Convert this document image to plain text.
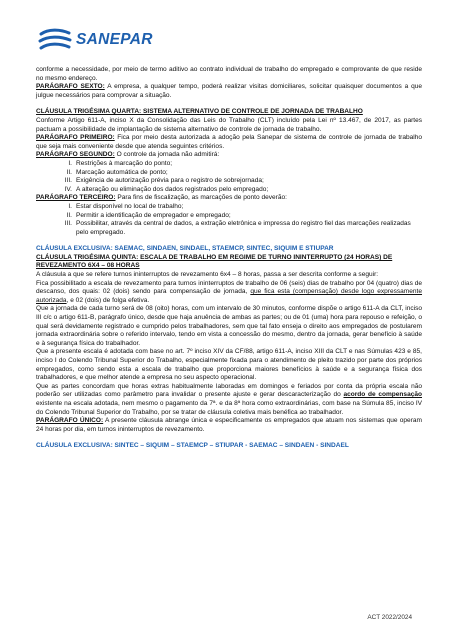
SANEPAR

conforme a necessidade, por meio de termo aditivo ao contrato individual de trabalho do empregado e comprovante de que reside no mesmo endereço.

PARÁGRAFO SEXTO: A empresa, a qualquer tempo, poderá realizar visitas domiciliares, solicitar quaisquer documentos a que julgue necessários para comprovar a situação.

CLÁUSULA TRIGÉSIMA QUARTA: SISTEMA ALTERNATIVO DE CONTROLE DE JORNADA DE TRABALHO

Conforme Artigo 611-A, inciso X da Consolidação das Leis do Trabalho (CLT) incluído pela Lei nº 13.467, de 2017, as partes pactuam a possibilidade de implantação de sistema alternativo de controle de jornada de trabalho.

PARÁGRAFO PRIMEIRO: Fica por meio desta autorizada a adoção pela Sanepar de sistema de controle de jornada de trabalho que seja mais conveniente desde que atenda seguintes critérios.

PARÁGRAFO SEGUNDO: O controle da jornada não admitirá:

I. Restrições à marcação do ponto;
II. Marcação automática de ponto;
III. Exigência de autorização prévia para o registro de sobrejornada;
IV. A alteração ou eliminação dos dados registrados pelo empregado;

PARÁGRAFO TERCEIRO: Para fins de fiscalização, as marcações de ponto deverão:

I. Estar disponível no local de trabalho;
II. Permitir a identificação de empregador e empregado;
III. Possibilitar, através da central de dados, a extração eletrônica e impressa do registro fiel das marcações realizadas pelo empregado.

CLÁUSULA EXCLUSIVA: SAEMAC, SINDAEN, SINDAEL, STAEMCP, SINTEC, SIQUIM E STIUPAR

CLÁUSULA TRIGÉSIMA QUINTA: ESCALA DE TRABALHO EM REGIME DE TURNO ININTERRUPTO (24 HORAS) DE REVEZAMENTO 6X4 – 08 HORAS

A cláusula a que se refere turnos ininterruptos de revezamento 6x4 – 8 horas, passa a ser descrita conforme a seguir:

Fica possibilitado a escala de revezamento para turnos ininterruptos de trabalho de 06 (seis) dias de trabalho por 04 (quatro) dias de descanso, dos quais: 02 (dois) sendo para compensação de jornada, que fica esta (compensação) desde logo expressamente autorizada, e 02 (dois) de folga efetiva.

Que a jornada de cada turno será de 08 (oito) horas, com um intervalo de 30 minutos, conforme dispõe o artigo 611-A da CLT, inciso III c/c o artigo 611-B, parágrafo único, desde que haja anuência de ambas as partes; ou de 01 (uma) hora para repouso e refeição, o qual será devidamente registrado e cumprido pelos trabalhadores, sem que tal fato enseja o direito aos empregados de postularem jornada extraordinária sobre o referido intervalo, tendo em vista a concessão do mesmo, dentro da jornada, gerar benefício à saúde e à segurança física do trabalhador.

Que a presente escala é adotada com base no art. 7º inciso XIV da CF/88, artigo 611-A, inciso XIII da CLT e nas Súmulas 423 e 85, inciso I do Colendo Tribunal Superior do Trabalho, especialmente fixada para o atendimento de pleito trazido por parte dos próprios empregados, como sendo esta a escala de trabalho que proporciona maiores benefícios à saúde e a segurança física dos trabalhadores, e que melhor atende a empresa no seu aspecto operacional.

Que as partes concordam que horas extras habitualmente laboradas em domingos e feriados por conta da própria escala não poderão ser utilizadas como parâmetro para invalidar o presente ajuste e gerar descaracterização do acordo de compensação existente na escala adotada, nem mesmo o pagamento da 7ª. e da 8ª hora como extraordinárias, com base na Súmula 85, inciso IV do Colendo Tribunal Superior do Trabalho, por se tratar de cláusula coletiva mais benéfica ao trabalhador.

PARÁGRAFO ÚNICO: A presente cláusula abrange única e especificamente os empregados que atuam nos sistemas que operam 24 horas por dia, em turnos ininterruptos de revezamento.

CLÁUSULA EXCLUSIVA: SINTEC – SIQUIM – STAEMCP – STIUPAR - SAEMAC – SINDAEN - SINDAEL

ACT 2022/2024
